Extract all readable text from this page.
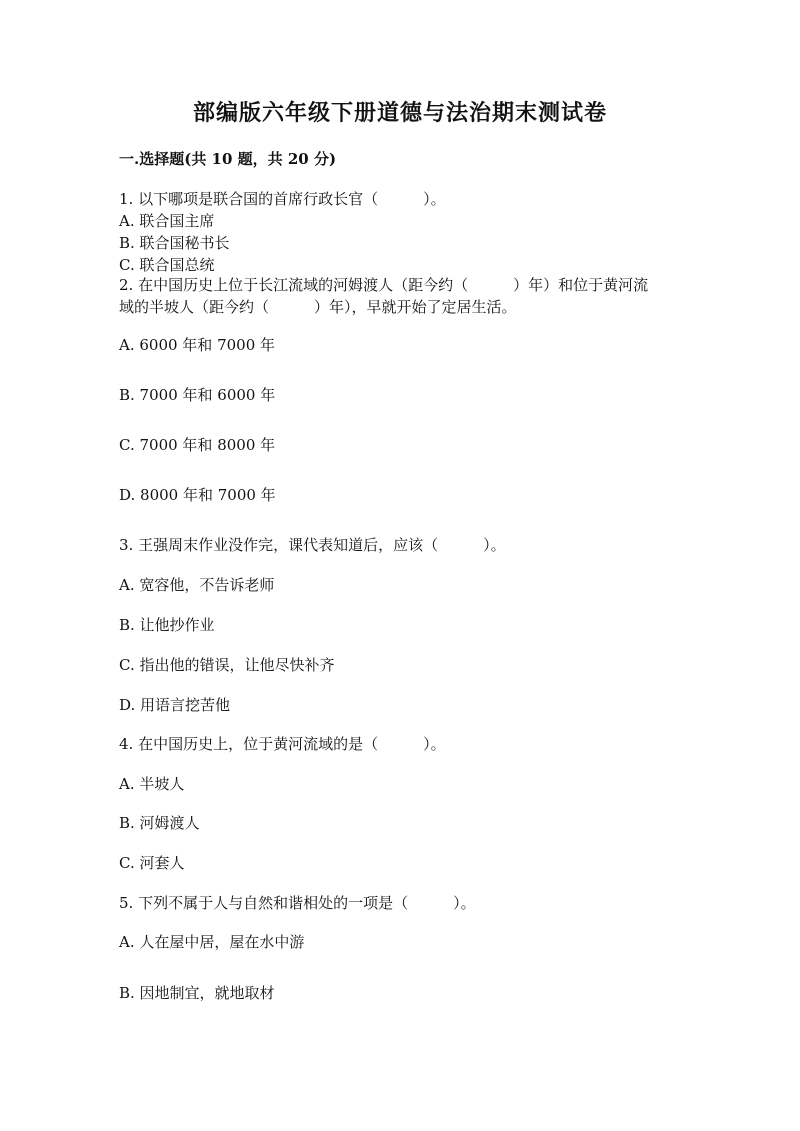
部编版六年级下册道德与法治期末测试卷

一.选择题(共 10 题，共 20 分)

1. 以下哪项是联合国的首席行政长官（　　　）。

A. 联合国主席

B. 联合国秘书长

C. 联合国总统

2. 在中国历史上位于长江流域的河姆渡人（距今约（　　　）年）和位于黄河流

域的半坡人（距今约（　　　）年），早就开始了定居生活。

A. 6000 年和 7000 年

B. 7000 年和 6000 年

C. 7000 年和 8000 年

D. 8000 年和 7000 年

3. 王强周末作业没作完，课代表知道后，应该（　　　）。

A. 宽容他，不告诉老师

B. 让他抄作业

C. 指出他的错误，让他尽快补齐

D. 用语言挖苦他

4. 在中国历史上，位于黄河流域的是（　　　）。

A. 半坡人

B. 河姆渡人

C. 河套人

5. 下列不属于人与自然和谐相处的一项是（　　　）。

A. 人在屋中居，屋在水中游

B. 因地制宜，就地取材
